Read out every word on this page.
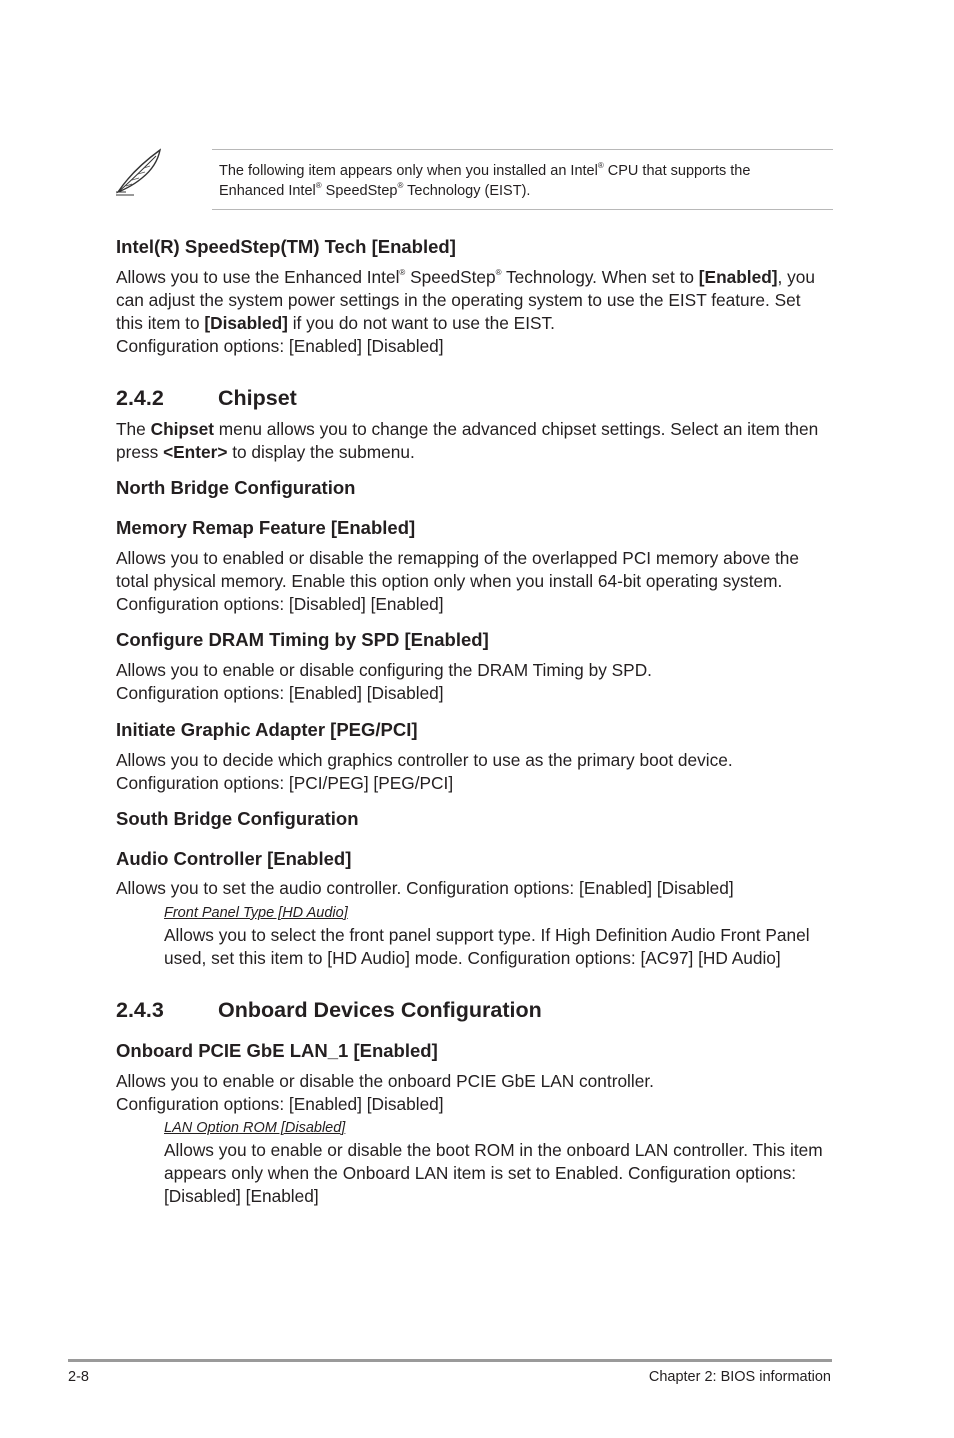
The following item appears only when you installed an Intel® CPU that supports the
Enhanced Intel® SpeedStep® Technology (EIST).
Intel(R) SpeedStep(TM) Tech [Enabled]

Allows you to use the Enhanced Intel® SpeedStep® Technology. When set to [Enabled], you

can adjust the system power settings in the operating system to use the EIST feature. Set

this item to [Disabled] if you do not want to use the EIST.

Configuration options: [Enabled] [Disabled]

2.4.2	Chipset

The Chipset menu allows you to change the advanced chipset settings. Select an item then

press <Enter> to display the submenu.

North Bridge Configuration
Memory Remap Feature [Enabled]

Allows you to enabled or disable the remapping of the overlapped PCI memory above the

total physical memory. Enable this option only when you install 64-bit operating system.

Configuration options: [Disabled] [Enabled]

Configure DRAM Timing by SPD [Enabled]

Allows you to enable or disable configuring the DRAM Timing by SPD.

Configuration options: [Enabled] [Disabled]

Initiate Graphic Adapter [PEG/PCI]

Allows you to decide which graphics controller to use as the primary boot device.

Configuration options: [PCI/PEG] [PEG/PCI]

South Bridge Configuration
Audio Controller [Enabled]

Allows you to set the audio controller. Configuration options: [Enabled] [Disabled]

Front Panel Type [HD Audio]

Allows you to select the front panel support type. If High Definition Audio Front Panel

used, set this item to [HD Audio] mode. Configuration options: [AC97] [HD Audio]

2.4.3	Onboard Devices Configuration
Onboard PCIE GbE LAN_1 [Enabled]

Allows you to enable or disable the onboard PCIE GbE LAN controller.

Configuration options: [Enabled] [Disabled]

LAN Option ROM [Disabled]

Allows you to enable or disable the boot ROM in the onboard LAN controller. This item

appears only when the Onboard LAN item is set to Enabled. Configuration options:

[Disabled] [Enabled]

2-8	Chapter 2: BIOS information
